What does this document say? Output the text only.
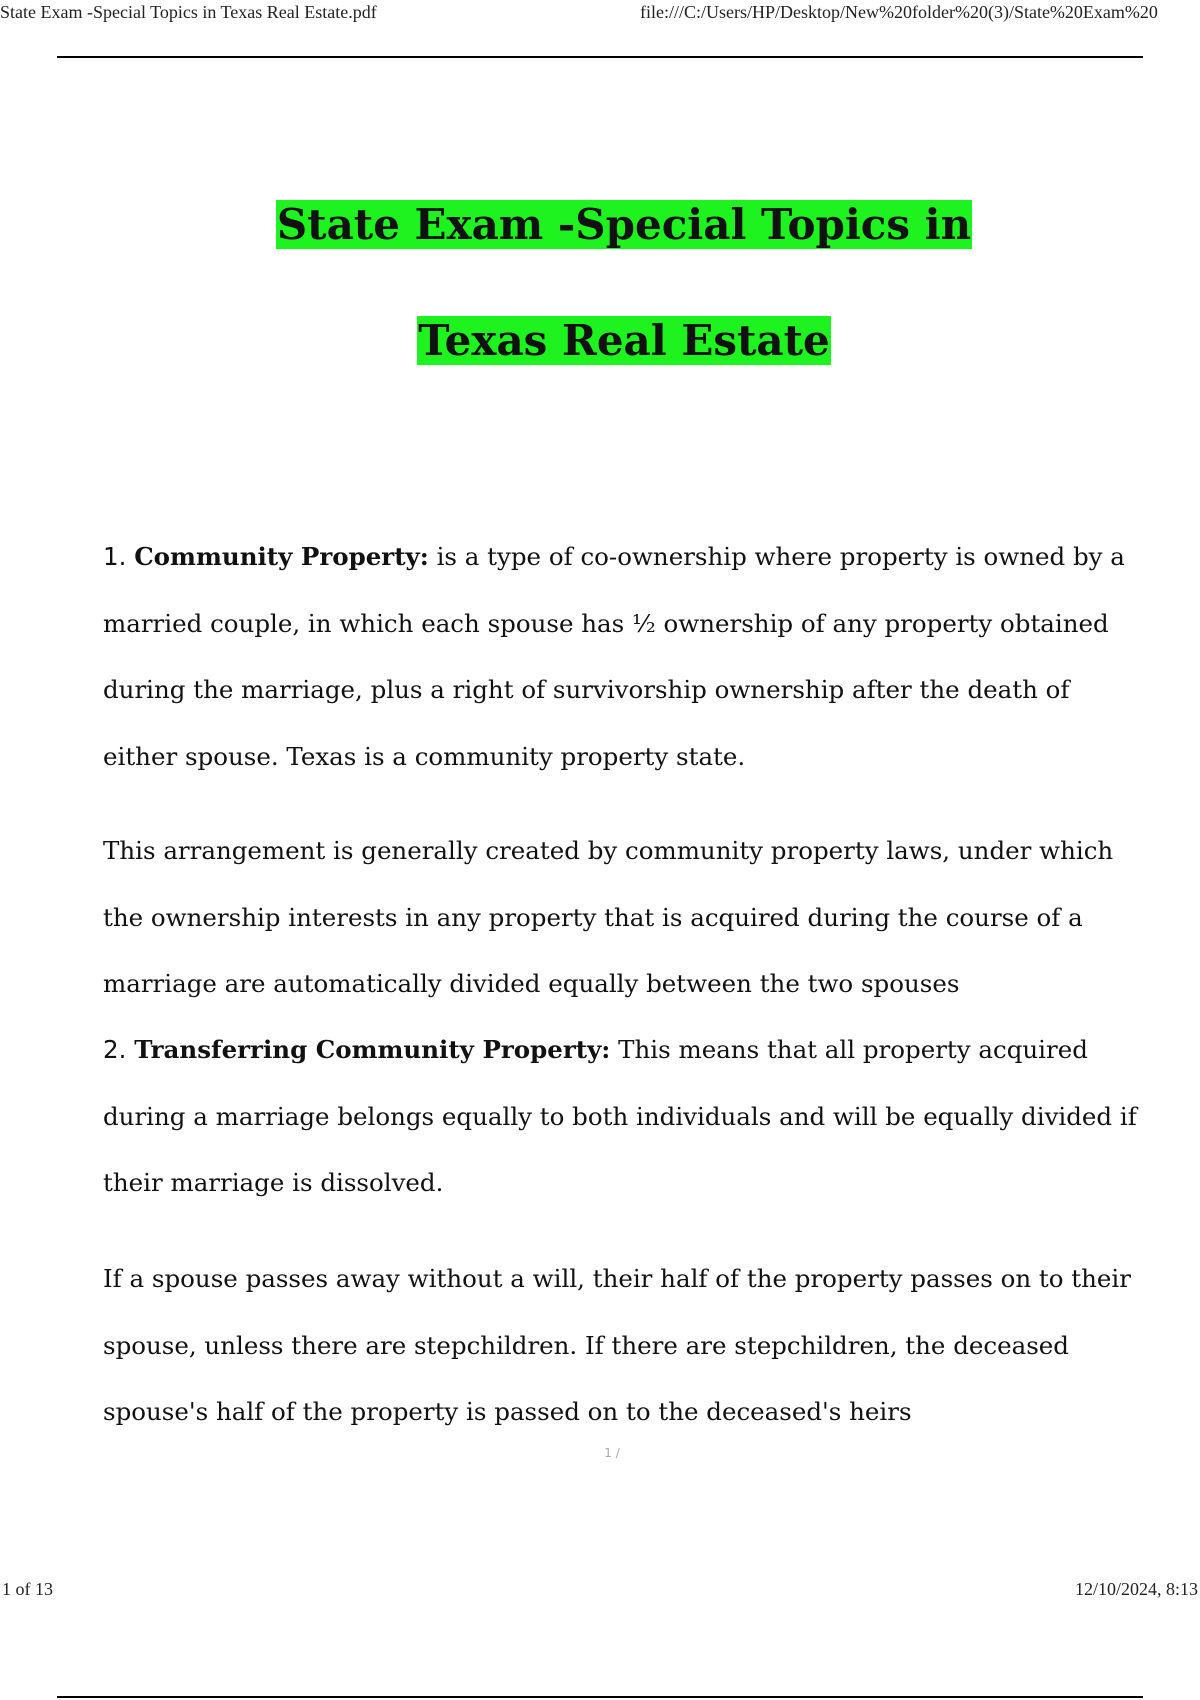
State Exam -Special Topics in Texas Real Estate.pdf	file:///C:/Users/HP/Desktop/New%20folder%20(3)/State%20Exam%20
State Exam -Special Topics in
Texas Real Estate

1. Community Property: is a type of co-ownership where property is owned by a married couple, in which each spouse has ½ ownership of any property obtained during the marriage, plus a right of survivorship ownership after the death of either spouse. Texas is a community property state.

This arrangement is generally created by community property laws, under which the ownership interests in any property that is acquired during the course of a marriage are automatically divided equally between the two spouses

2. Transferring Community Property: This means that all property acquired during a marriage belongs equally to both individuals and will be equally divided if their marriage is dissolved.

If a spouse passes away without a will, their half of the property passes on to their spouse, unless there are stepchildren. If there are stepchildren, the deceased spouse's half of the property is passed on to the deceased's heirs

1 /
1 of 13	12/10/2024, 8:13
